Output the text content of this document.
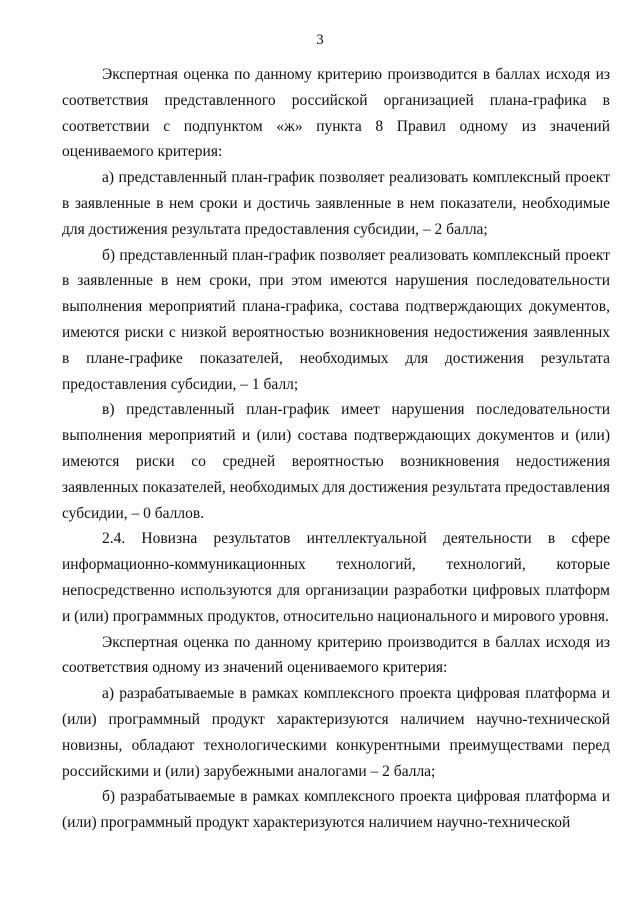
3

Экспертная оценка по данному критерию производится в баллах исходя из соответствия представленного российской организацией плана-графика в соответствии с подпунктом «ж» пункта 8 Правил одному из значений оцениваемого критерия:

а) представленный план-график позволяет реализовать комплексный проект в заявленные в нем сроки и достичь заявленные в нем показатели, необходимые для достижения результата предоставления субсидии, – 2 балла;

б) представленный план-график позволяет реализовать комплексный проект в заявленные в нем сроки, при этом имеются нарушения последовательности выполнения мероприятий плана-графика, состава подтверждающих документов, имеются риски с низкой вероятностью возникновения недостижения заявленных в плане-графике показателей, необходимых для достижения результата предоставления субсидии, – 1 балл;

в) представленный план-график имеет нарушения последовательности выполнения мероприятий и (или) состава подтверждающих документов и (или) имеются риски со средней вероятностью возникновения недостижения заявленных показателей, необходимых для достижения результата предоставления субсидии, – 0 баллов.

2.4. Новизна результатов интеллектуальной деятельности в сфере информационно-коммуникационных технологий, технологий, которые непосредственно используются для организации разработки цифровых платформ и (или) программных продуктов, относительно национального и мирового уровня.

Экспертная оценка по данному критерию производится в баллах исходя из соответствия одному из значений оцениваемого критерия:

а) разрабатываемые в рамках комплексного проекта цифровая платформа и (или) программный продукт характеризуются наличием научно-технической новизны, обладают технологическими конкурентными преимуществами перед российскими и (или) зарубежными аналогами – 2 балла;

б) разрабатываемые в рамках комплексного проекта цифровая платформа и (или) программный продукт характеризуются наличием научно-технической
